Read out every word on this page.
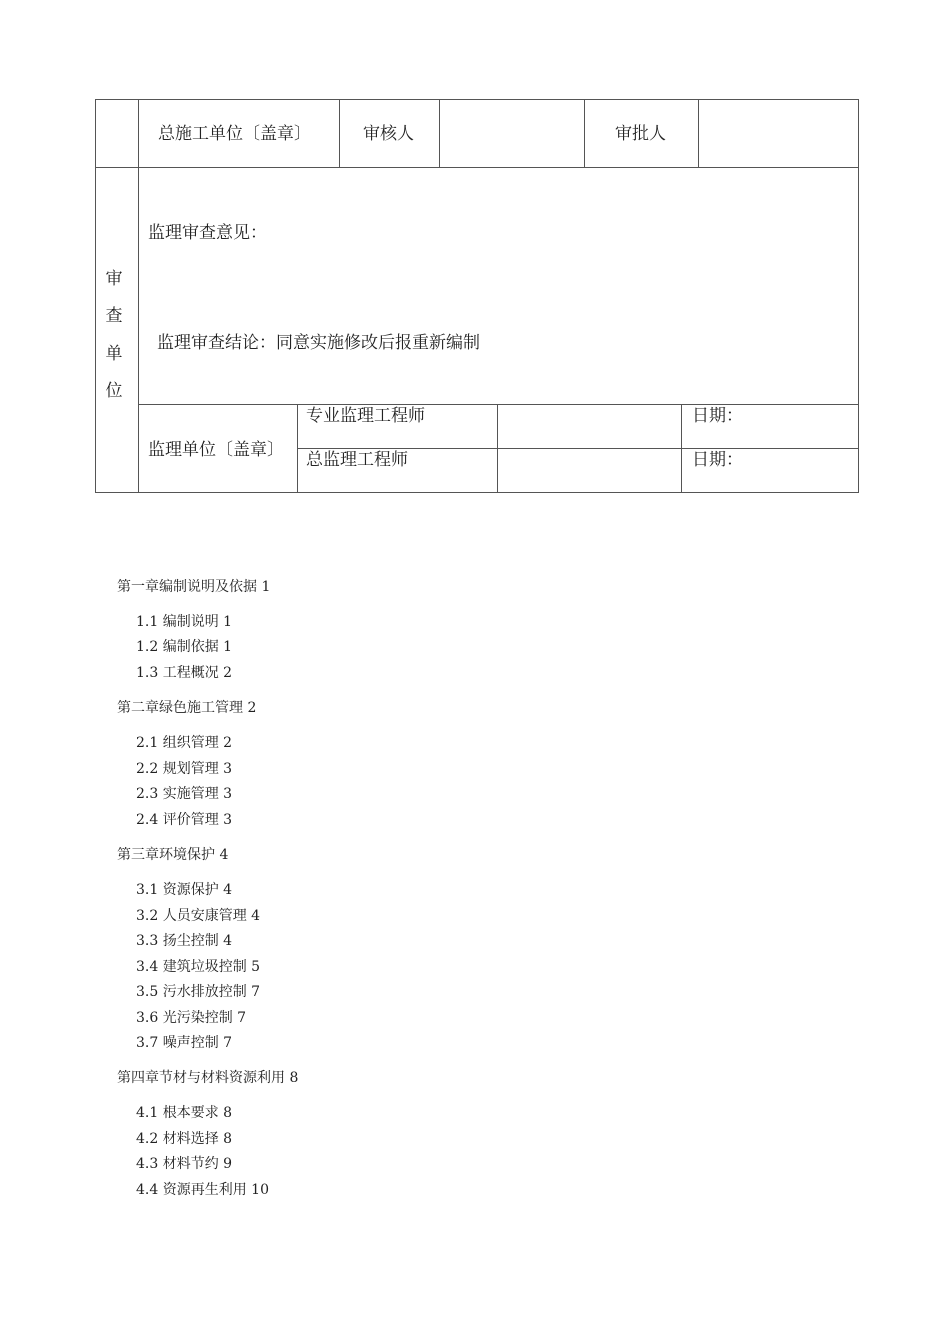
总施工单位〔盖章〕	审核人	审批人
审
查
单
位
监理审查意见：
监理审查结论：同意实施修改后报重新编制
监理单位〔盖章〕
专业监理工程师
总监理工程师
日期：
日期：
第一章编制说明及依据 1
1.1 编制说明 1
1.2 编制依据 1
1.3 工程概况 2
第二章绿色施工管理 2
2.1 组织管理 2
2.2 规划管理 3
2.3 实施管理 3
2.4 评价管理 3
第三章环境保护 4
3.1 资源保护 4
3.2 人员安康管理 4
3.3 扬尘控制 4
3.4 建筑垃圾控制 5
3.5 污水排放控制 7
3.6 光污染控制 7
3.7 噪声控制 7
第四章节材与材料资源利用 8
4.1 根本要求 8
4.2 材料选择 8
4.3 材料节约 9
4.4 资源再生利用 10
